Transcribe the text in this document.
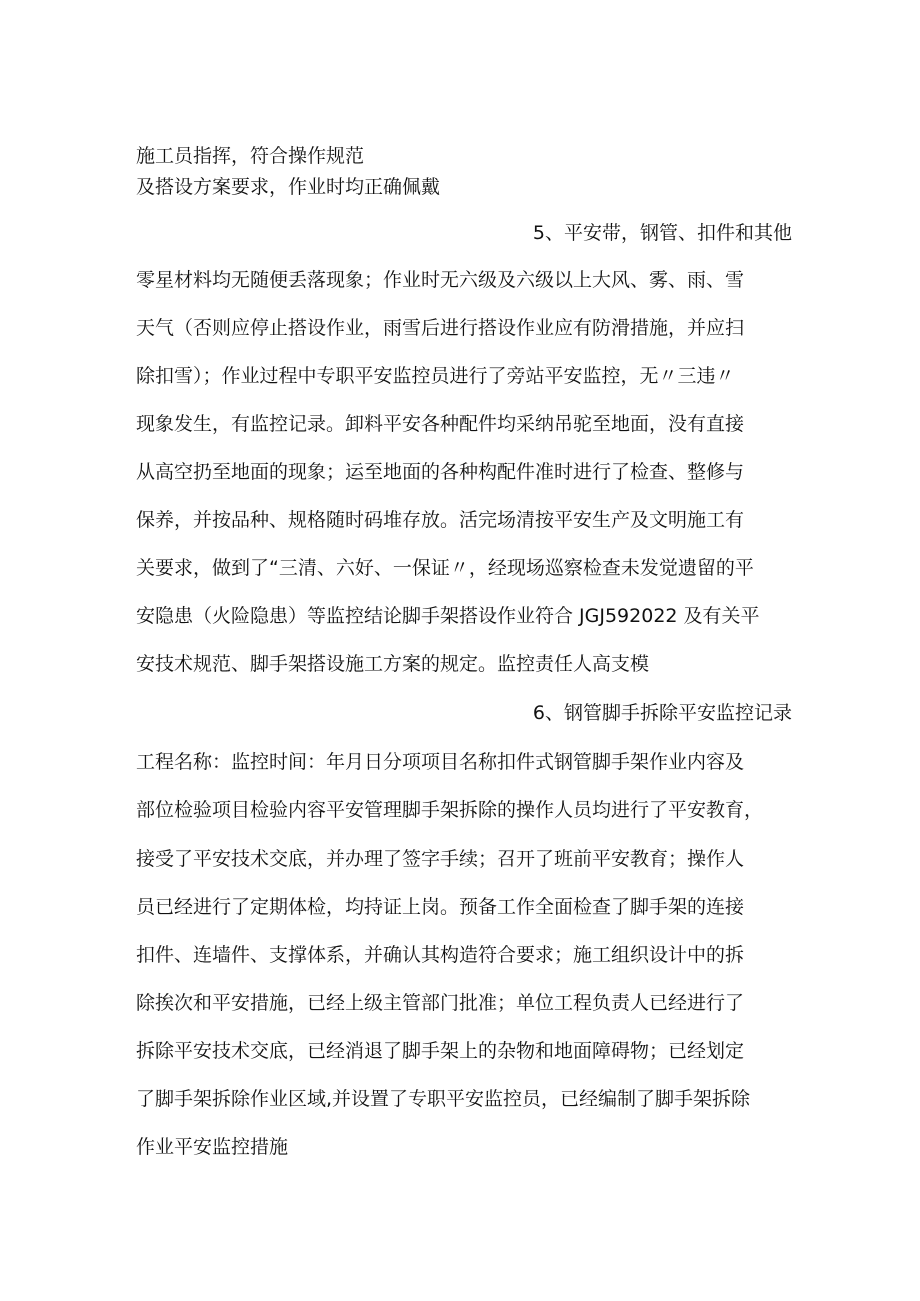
施工员指挥，符合操作规范
及搭设方案要求，作业时均正确佩戴
5、平安带，钢管、扣件和其他
零星材料均无随便丢落现象；作业时无六级及六级以上大风、雾、雨、雪
天气（否则应停止搭设作业，雨雪后进行搭设作业应有防滑措施，并应扫
除扣雪）；作业过程中专职平安监控员进行了旁站平安监控，无〃三违〃
现象发生，有监控记录。卸料平安各种配件均采纳吊驼至地面，没有直接
从高空扔至地面的现象；运至地面的各种构配件准时进行了检查、整修与
保养，并按品种、规格随时码堆存放。活完场清按平安生产及文明施工有
关要求，做到了“三清、六好、一保证〃，经现场巡察检查未发觉遗留的平
安隐患（火险隐患）等监控结论脚手架搭设作业符合 JGJ592022 及有关平
安技术规范、脚手架搭设施工方案的规定。监控责任人高支模
6、钢管脚手拆除平安监控记录
工程名称：监控时间：年月日分项项目名称扣件式钢管脚手架作业内容及
部位检验项目检验内容平安管理脚手架拆除的操作人员均进行了平安教育，
接受了平安技术交底，并办理了签字手续；召开了班前平安教育；操作人
员已经进行了定期体检，均持证上岗。预备工作全面检查了脚手架的连接
扣件、连墙件、支撑体系，并确认其构造符合要求；施工组织设计中的拆
除挨次和平安措施，已经上级主管部门批准；单位工程负责人已经进行了
拆除平安技术交底，已经消退了脚手架上的杂物和地面障碍物；已经划定
了脚手架拆除作业区域,并设置了专职平安监控员，已经编制了脚手架拆除
作业平安监控措施
